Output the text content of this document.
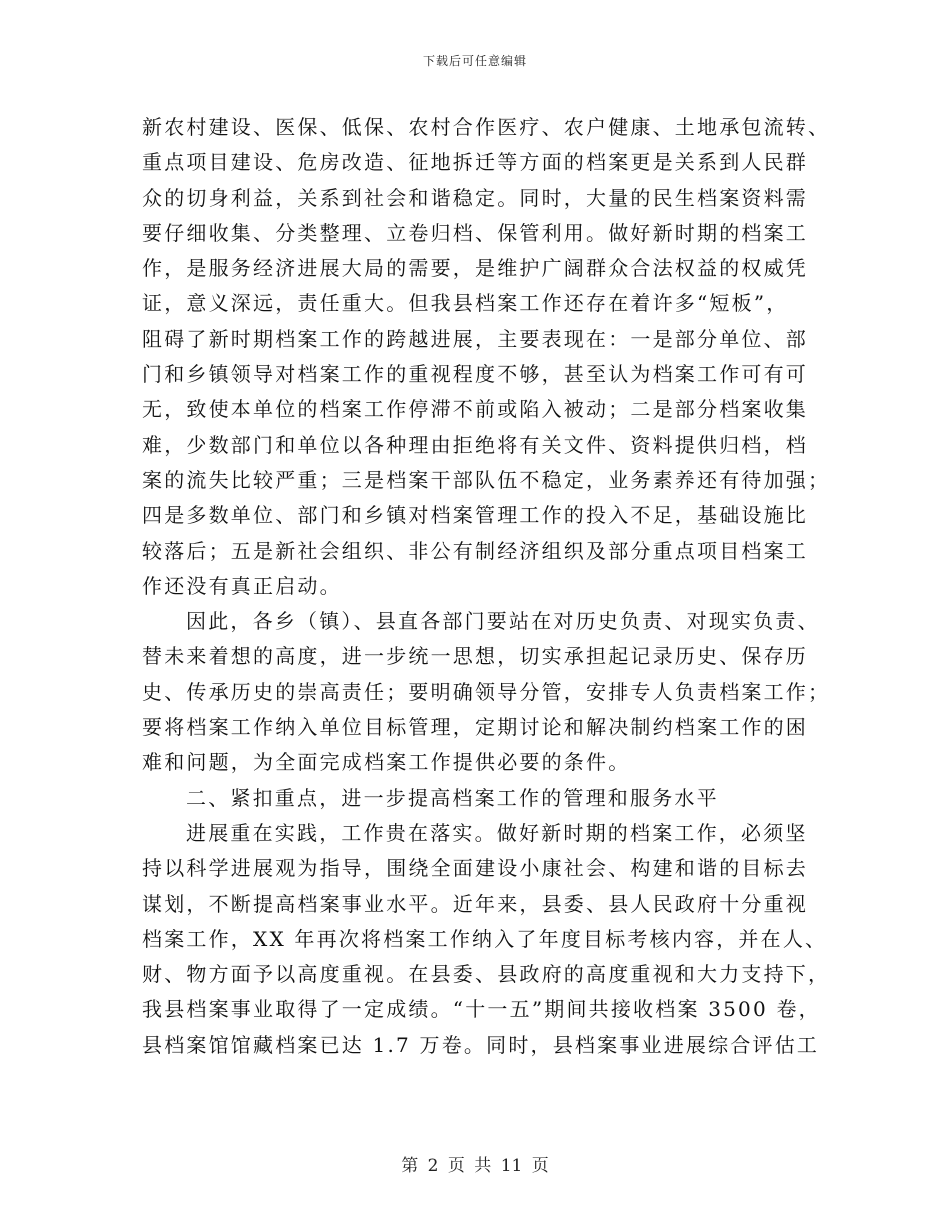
下载后可任意编辑
新农村建设、医保、低保、农村合作医疗、农户健康、土地承包流转、
重点项目建设、危房改造、征地拆迁等方面的档案更是关系到人民群
众的切身利益，关系到社会和谐稳定。同时，大量的民生档案资料需
要仔细收集、分类整理、立卷归档、保管利用。做好新时期的档案工
作，是服务经济进展大局的需要，是维护广阔群众合法权益的权威凭
证，意义深远，责任重大。但我县档案工作还存在着许多“短板”，
阻碍了新时期档案工作的跨越进展，主要表现在：一是部分单位、部
门和乡镇领导对档案工作的重视程度不够，甚至认为档案工作可有可
无，致使本单位的档案工作停滞不前或陷入被动；二是部分档案收集
难，少数部门和单位以各种理由拒绝将有关文件、资料提供归档，档
案的流失比较严重；三是档案干部队伍不稳定，业务素养还有待加强；
四是多数单位、部门和乡镇对档案管理工作的投入不足，基础设施比
较落后；五是新社会组织、非公有制经济组织及部分重点项目档案工
作还没有真正启动。
因此，各乡（镇）、县直各部门要站在对历史负责、对现实负责、
替未来着想的高度，进一步统一思想，切实承担起记录历史、保存历
史、传承历史的崇高责任；要明确领导分管，安排专人负责档案工作；
要将档案工作纳入单位目标管理，定期讨论和解决制约档案工作的困
难和问题，为全面完成档案工作提供必要的条件。
二、紧扣重点，进一步提高档案工作的管理和服务水平
进展重在实践，工作贵在落实。做好新时期的档案工作，必须坚
持以科学进展观为指导，围绕全面建设小康社会、构建和谐的目标去
谋划，不断提高档案事业水平。近年来，县委、县人民政府十分重视
档案工作，XX 年再次将档案工作纳入了年度目标考核内容，并在人、
财、物方面予以高度重视。在县委、县政府的高度重视和大力支持下，
我县档案事业取得了一定成绩。“十一五”期间共接收档案 3500 卷，
县档案馆馆藏档案已达 1.7 万卷。同时，县档案事业进展综合评估工
第 2 页 共 11 页
